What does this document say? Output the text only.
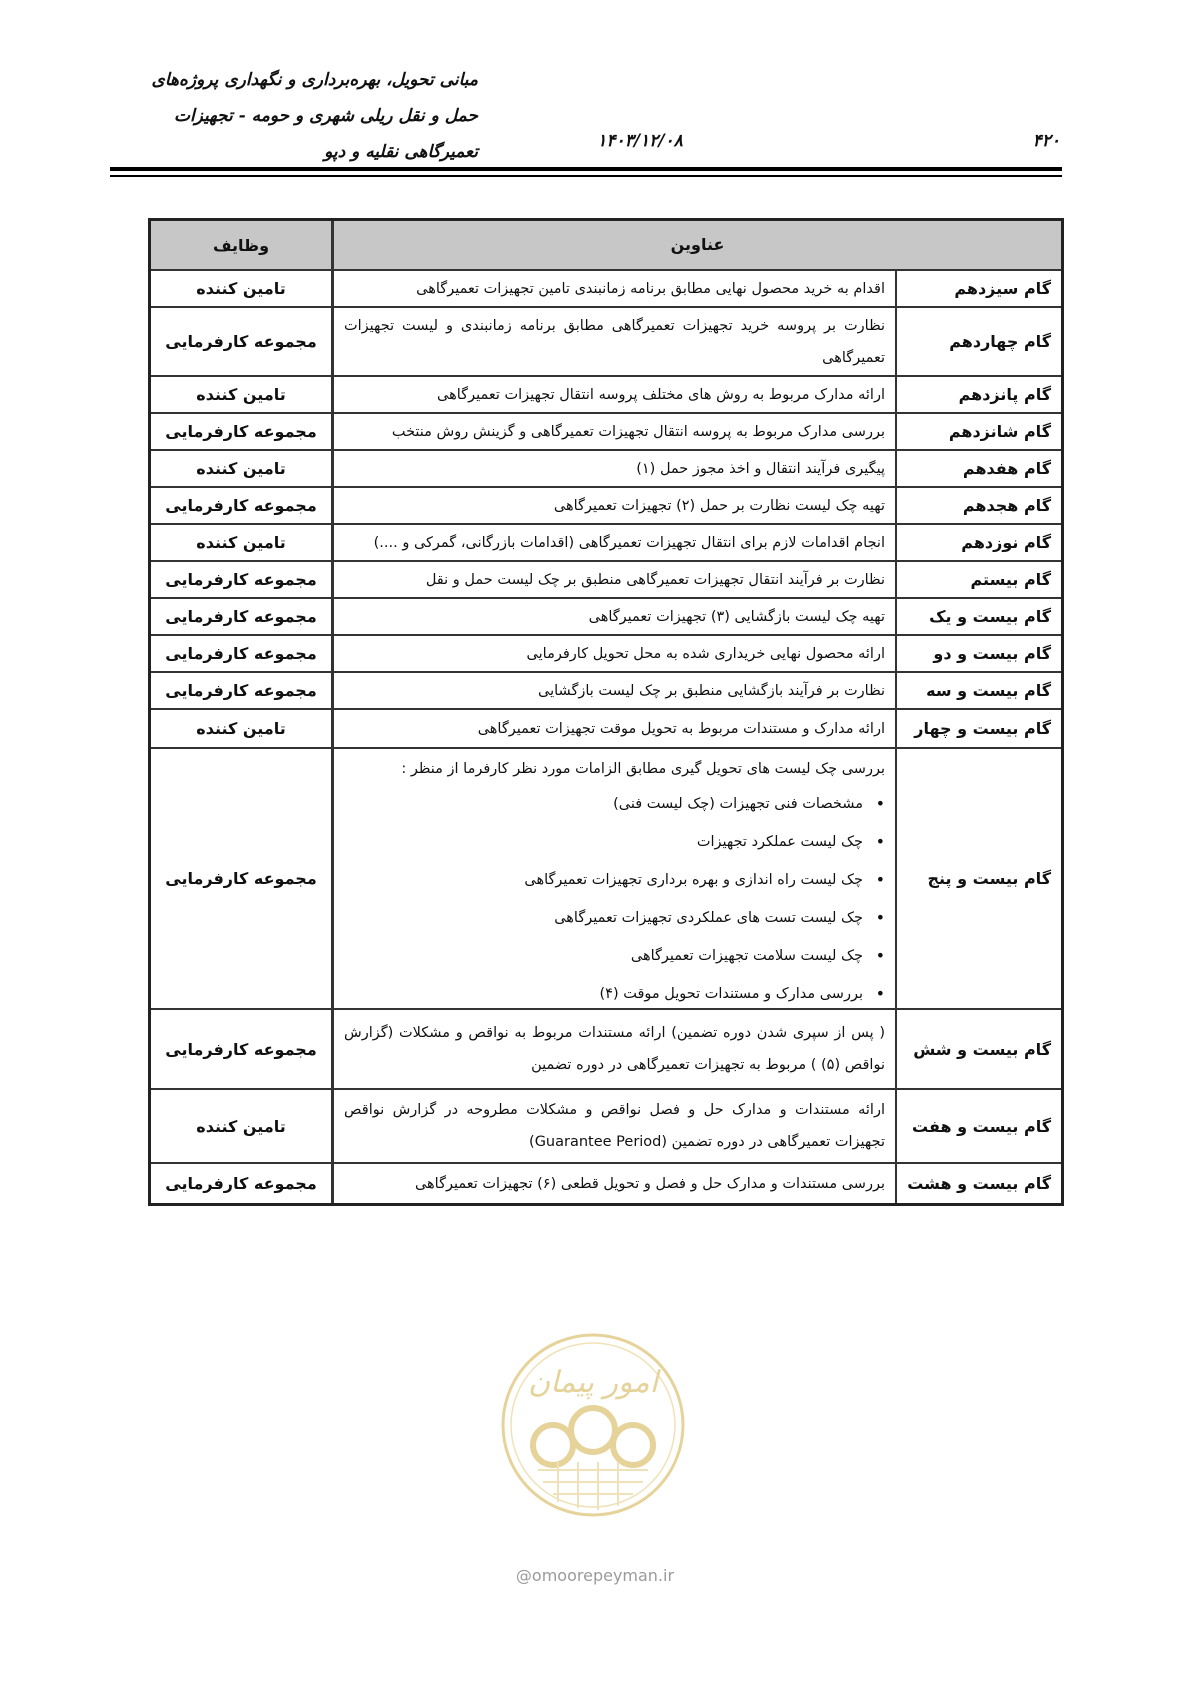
مبانی تحویل، بهره‌برداری و نگهداری پروژه‌های
حمل و نقل ریلی شهری و حومه - تجهیزات
تعمیرگاهی نقلیه و دپو
۱۴۰۳/۱۲/۰۸	۴۲۰
عناوین
وظایف
گام سیزدهم
اقدام به خرید محصول نهایی مطابق برنامه زمانبندی تامین تجهیزات تعمیرگاهی
تامین کننده
گام چهاردهم
نظارت بر پروسه خرید تجهیزات تعمیرگاهی مطابق برنامه زمانبندی و لیست تجهیزات تعمیرگاهی
مجموعه کارفرمایی
گام پانزدهم
ارائه مدارک مربوط به روش های مختلف پروسه انتقال تجهیزات تعمیرگاهی
تامین کننده
گام شانزدهم
بررسی مدارک مربوط به پروسه انتقال تجهیزات تعمیرگاهی و گزینش روش منتخب
مجموعه کارفرمایی
گام هفدهم
پیگیری فرآیند انتقال و اخذ مجوز حمل (۱)
تامین کننده
گام هجدهم
تهیه چک لیست نظارت بر حمل (۲) تجهیزات تعمیرگاهی
مجموعه کارفرمایی
گام نوزدهم
انجام اقدامات لازم برای انتقال تجهیزات تعمیرگاهی (اقدامات بازرگانی، گمرکی و ....)
تامین کننده
گام بیستم
نظارت بر فرآیند انتقال تجهیزات تعمیرگاهی منطبق بر چک لیست حمل و نقل
مجموعه کارفرمایی
گام بیست و یک
تهیه چک لیست بازگشایی (۳) تجهیزات تعمیرگاهی
مجموعه کارفرمایی
گام بیست و دو
ارائه محصول نهایی خریداری شده به محل تحویل کارفرمایی
مجموعه کارفرمایی
گام بیست و سه
نظارت بر فرآیند بازگشایی منطبق بر چک لیست بازگشایی
مجموعه کارفرمایی
گام بیست و چهار
ارائه مدارک و مستندات مربوط به تحویل موقت تجهیزات تعمیرگاهی
تامین کننده
گام بیست و پنج
بررسی چک لیست های تحویل گیری مطابق الزامات مورد نظر کارفرما از منظر :
• مشخصات فنی تجهیزات (چک لیست فنی)
• چک لیست عملکرد تجهیزات
• چک لیست راه اندازی و بهره برداری تجهیزات تعمیرگاهی
• چک لیست تست های عملکردی تجهیزات تعمیرگاهی
• چک لیست سلامت تجهیزات تعمیرگاهی
• بررسی مدارک و مستندات تحویل موقت (۴)
مجموعه کارفرمایی
گام بیست و شش
( پس از سپری شدن دوره تضمین) ارائه مستندات مربوط به نواقص و مشکلات (گزارش نواقص (۵) ) مربوط به تجهیزات تعمیرگاهی در دوره تضمین
مجموعه کارفرمایی
گام بیست و هفت
ارائه مستندات و مدارک حل و فصل نواقص و مشکلات مطروحه در گزارش نواقص تجهیزات تعمیرگاهی در دوره تضمین (Guarantee Period)
تامین کننده
گام بیست و هشت
بررسی مستندات و مدارک حل و فصل و تحویل قطعی (۶) تجهیزات تعمیرگاهی
مجموعه کارفرمایی
امور پیمان
@omoorepeyman.ir
